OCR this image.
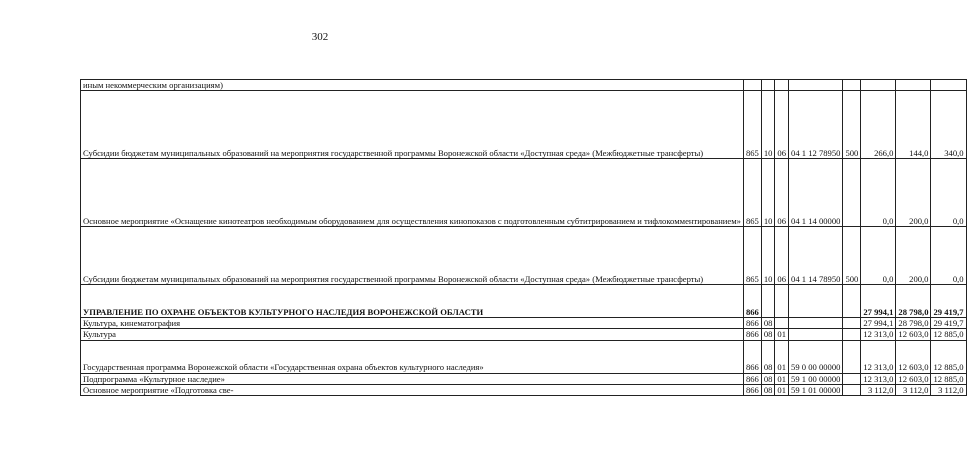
302
иным некоммерческим организациям)								
Субсидии бюджетам муниципальных образований на мероприятия государственной программы Воронежской области «Доступная среда» (Межбюджетные трансферты)	865	10	06	04 1 12 78950	500	266,0	144,0	340,0
Основное мероприятие «Оснащение кинотеатров необходимым оборудованием для осуществления кинопоказов с подготовленным субтитрированием и тифлокомментированием»	865	10	06	04 1 14 00000		0,0	200,0	0,0
Субсидии бюджетам муниципальных образований на мероприятия государственной программы Воронежской области «Доступная среда» (Межбюджетные трансферты)	865	10	06	04 1 14 78950	500	0,0	200,0	0,0
УПРАВЛЕНИЕ ПО ОХРАНЕ ОБЪЕКТОВ КУЛЬТУРНОГО НАСЛЕДИЯ ВОРОНЕЖСКОЙ ОБЛАСТИ	866					27 994,1	28 798,0	29 419,7
Культура, кинематография	866	08				27 994,1	28 798,0	29 419,7
Культура	866	08	01			12 313,0	12 603,0	12 885,0
Государственная программа Воронежской области «Государственная охрана объектов культурного наследия»	866	08	01	59 0 00 00000		12 313,0	12 603,0	12 885,0
Подпрограмма «Культурное наследие»	866	08	01	59 1 00 00000		12 313,0	12 603,0	12 885,0
Основное мероприятие «Подготовка све-	866	08	01	59 1 01 00000		3 112,0	3 112,0	3 112,0
